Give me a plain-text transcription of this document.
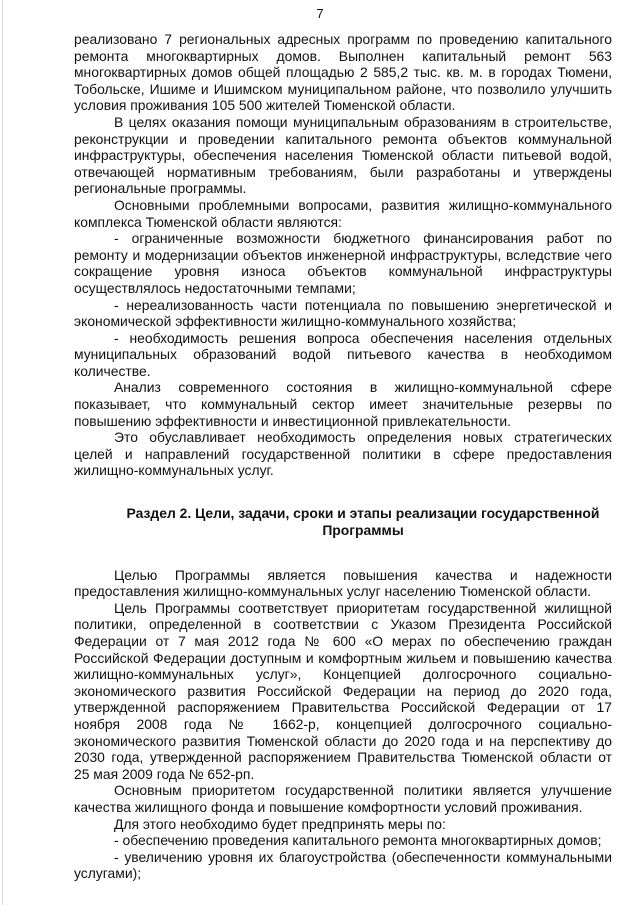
7

реализовано 7 региональных адресных программ по проведению капитального ремонта многоквартирных домов. Выполнен капитальный ремонт 563 многоквартирных домов общей площадью 2 585,2 тыс. кв. м. в городах Тюмени, Тобольске, Ишиме и Ишимском муниципальном районе, что позволило улучшить условия проживания 105 500 жителей Тюменской области.

В целях оказания помощи муниципальным образованиям в строительстве, реконструкции и проведении капитального ремонта объектов коммунальной инфраструктуры, обеспечения населения Тюменской области питьевой водой, отвечающей нормативным требованиям, были разработаны и утверждены региональные программы.

Основными проблемными вопросами, развития жилищно-коммунального комплекса Тюменской области являются:

- ограниченные возможности бюджетного финансирования работ по ремонту и модернизации объектов инженерной инфраструктуры, вследствие чего сокращение уровня износа объектов коммунальной инфраструктуры осуществлялось недостаточными темпами;

- нереализованность части потенциала по повышению энергетической и экономической эффективности жилищно-коммунального хозяйства;

- необходимость решения вопроса обеспечения населения отдельных муниципальных образований водой питьевого качества в необходимом количестве.

Анализ современного состояния в жилищно-коммунальной сфере показывает, что коммунальный сектор имеет значительные резервы по повышению эффективности и инвестиционной привлекательности.

Это обуславливает необходимость определения новых стратегических целей и направлений государственной политики в сфере предоставления жилищно-коммунальных услуг.

Раздел 2. Цели, задачи, сроки и этапы реализации государственной Программы

Целью Программы является повышения качества и надежности предоставления жилищно-коммунальных услуг населению Тюменской области.

Цель Программы соответствует приоритетам государственной жилищной политики, определенной в соответствии с Указом Президента Российской Федерации от 7 мая 2012 года № 600 «О мерах по обеспечению граждан Российской Федерации доступным и комфортным жильем и повышению качества жилищно-коммунальных услуг», Концепцией долгосрочного социально-экономического развития Российской Федерации на период до 2020 года, утвержденной распоряжением Правительства Российской Федерации от 17 ноября 2008 года № 1662-р, концепцией долгосрочного социально-экономического развития Тюменской области до 2020 года и на перспективу до 2030 года, утвержденной распоряжением Правительства Тюменской области от 25 мая 2009 года № 652-рп.

Основным приоритетом государственной политики является улучшение качества жилищного фонда и повышение комфортности условий проживания.

Для этого необходимо будет предпринять меры по:

- обеспечению проведения капитального ремонта многоквартирных домов;

- увеличению уровня их благоустройства (обеспеченности коммунальными услугами);
